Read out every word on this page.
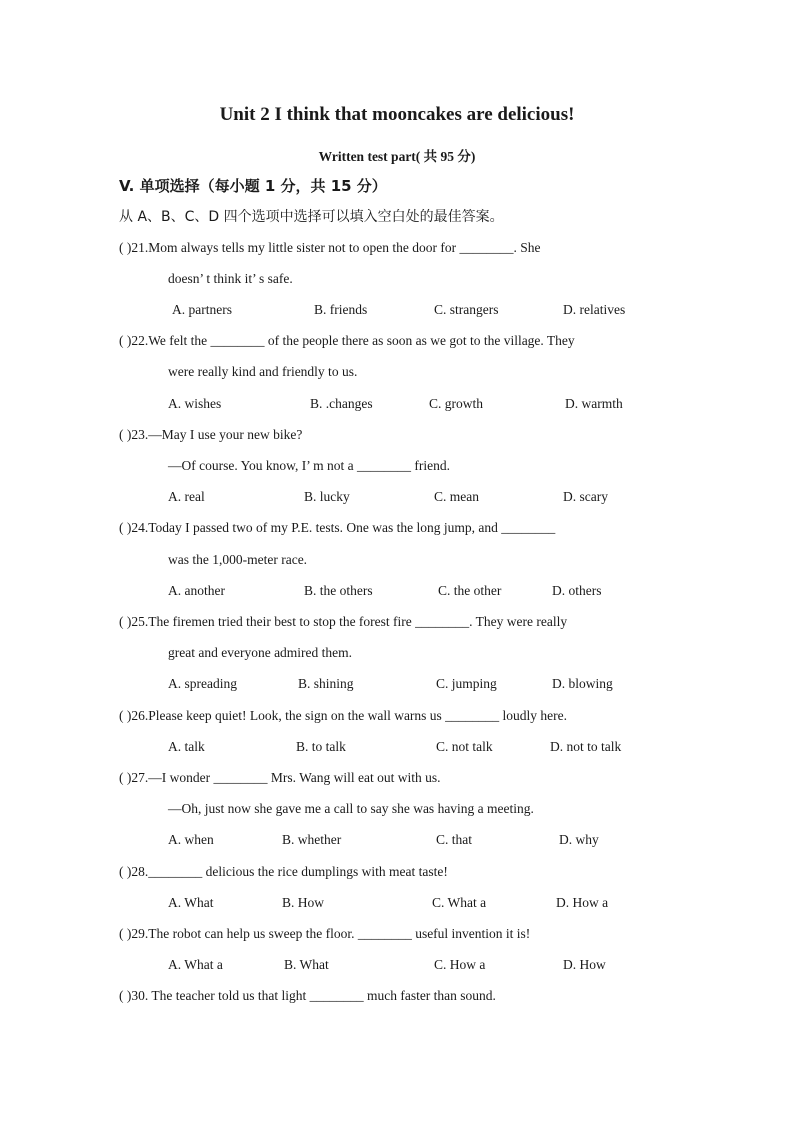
Unit 2 I think that mooncakes are delicious!
Written test part( 共 95 分)
V. 单项选择（每小题 1 分，共 15 分）
从 A、B、C、D 四个选项中选择可以填入空白处的最佳答案。
( )21.Mom always tells my little sister not to open the door for ________. She
doesn’ t think it’ s safe.
A. partners	B. friends	C. strangers	D. relatives
( )22.We felt the ________ of the people there as soon as we got to the village. They
were really kind and friendly to us.
A. wishes	B. .changes	C. growth	D. warmth
( )23.—May I use your new bike?
—Of course. You know, I’ m not a ________ friend.
A. real	B. lucky	C. mean	D. scary
( )24.Today I passed two of my P.E. tests. One was the long jump, and ________
was the 1,000-meter race.
A. another	B. the others	C. the other	D. others
( )25.The firemen tried their best to stop the forest fire ________. They were really
great and everyone admired them.
A. spreading	B. shining	C. jumping	D. blowing
( )26.Please keep quiet! Look, the sign on the wall warns us ________ loudly here.
A. talk	B. to talk	C. not talk	D. not to talk
( )27.—I wonder ________ Mrs. Wang will eat out with us.
—Oh, just now she gave me a call to say she was having a meeting.
A. when	B. whether	C. that	D. why
( )28.________ delicious the rice dumplings with meat taste!
A. What	B. How	C. What a	D. How a
( )29.The robot can help us sweep the floor. ________ useful invention it is!
A. What a	B. What	C. How a	D. How
( )30. The teacher told us that light ________ much faster than sound.
